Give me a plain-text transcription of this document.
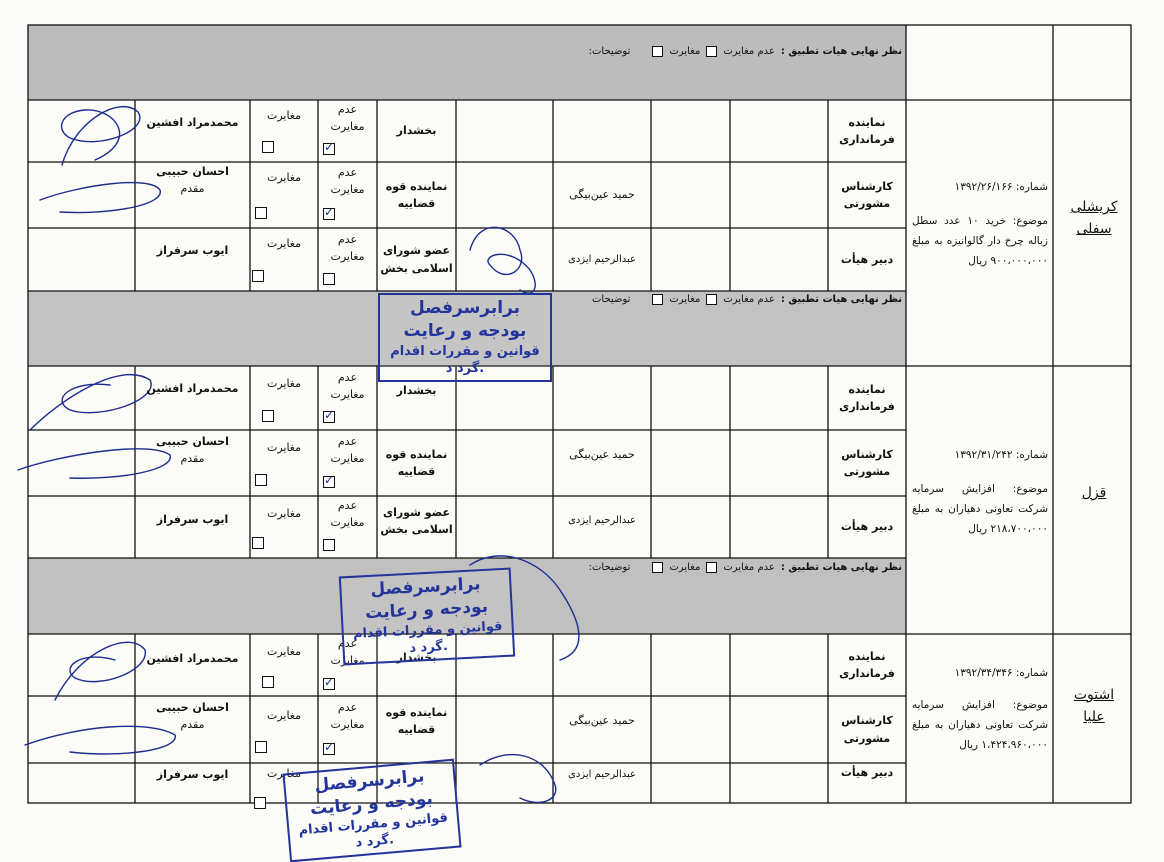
نظر نهایی هیات تطبیق :
عدم مغایرت
مغایرت
توضیحات:
نظر نهایی هیات تطبیق :
عدم مغایرت
مغایرت
توضیحات
نظر نهایی هیات تطبیق :
عدم مغایرت
مغایرت
توضیحات:
کریشلی
سفلی
شماره: ۱۳۹۲/۲۶/۱۶۶
موضوع: خرید ۱۰ عدد سطل زباله چرخ دار گالوانیزه به مبلغ ۹۰۰،۰۰۰،۰۰۰ ریال
نماینده فرمانداری
کارشناس مشورتی
دبیر هیأت
حمید عین‌بیگی
عبدالرحیم ایزدی
بخشدار
نماینده قوه قضاییه
عضو شورای اسلامی بخش
محمدمراد افشین
احسان حبیبی
مقدم
ایوب سرفراز
عدم
مغایرت
✓
مغایرت
عدم
مغایرت
✓
مغایرت
عدم
مغایرت
مغایرت
قزل
شماره: ۱۳۹۲/۳۱/۲۴۲
موضوع: افزایش سرمایه شرکت تعاونی دهیاران به مبلغ ۲۱۸،۷۰۰،۰۰۰ ریال
نماینده فرمانداری
کارشناس مشورتی
دبیر هیأت
حمید عین‌بیگی
عبدالرحیم ایزدی
بخشدار
نماینده قوه قضاییه
عضو شورای اسلامی بخش
محمدمراد افشین
احسان حبیبی
مقدم
ایوب سرفراز
عدم
مغایرت
✓
مغایرت
عدم
مغایرت
✓
مغایرت
عدم
مغایرت
مغایرت
اشتوت
علیا
شماره: ۱۳۹۲/۳۴/۳۴۶
موضوع: افزایش سرمایه شرکت تعاونی دهیاران به مبلغ ۱،۴۲۴،۹۶۰،۰۰۰ ریال
نماینده فرمانداری
کارشناس مشورتی
دبیر هیأت
حمید عین‌بیگی
عبدالرحیم ایزدی
بخشدار
نماینده قوه قضاییه
محمدمراد افشین
احسان حبیبی
مقدم
ایوب سرفراز
عدم
مغایرت
✓
مغایرت
عدم
مغایرت
✓
مغایرت
مغایرت
برابرسرفصل بودجه و رعایت
قوانین و مقررات اقدام گرد د.
برابرسرفصل بودجه و رعایت
قوانین و مقررات اقدام گرد د.
برابرسرفصل بودجه و رعایت
قوانین و مقررات اقدام گرد د.
